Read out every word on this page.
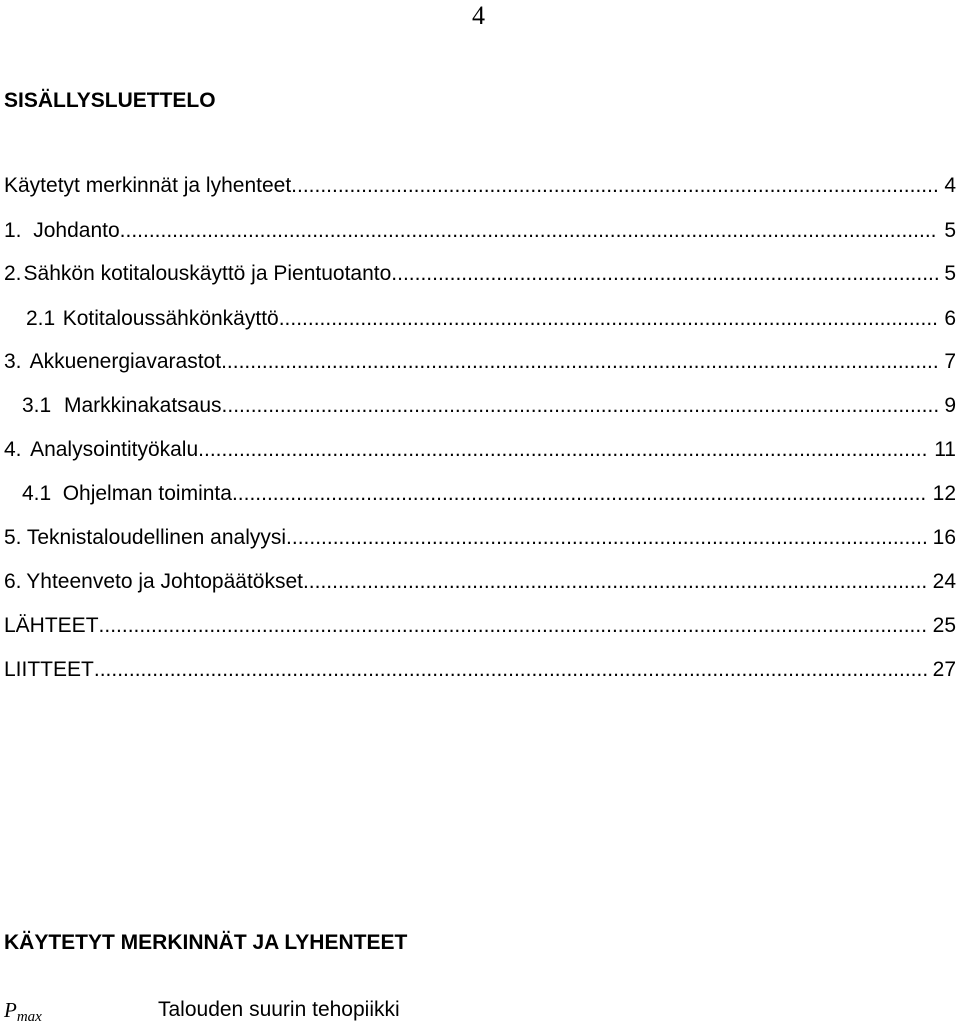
4
SISÄLLYSLUETTELO
Käytetyt merkinnät ja lyhenteet .....	4
1. Johdanto .....	5
2. Sähkön kotitalouskäyttö ja Pientuotanto .....	5
2.1 Kotitaloussähkönkäyttö .....	6
3. Akkuenergiavarastot .....	7
3.1 Markkinakatsaus .....	9
4. Analysointityökalu .....	11
4.1 Ohjelman toiminta .....	12
5. Teknistaloudellinen analyysi .....	16
6. Yhteenveto ja Johtopäätökset .....	24
LÄHTEET .....	25
LIITTEET .....	27
KÄYTETYT MERKINNÄT JA LYHENTEET
$P_{max}$	Talouden suurin tehopiikki
